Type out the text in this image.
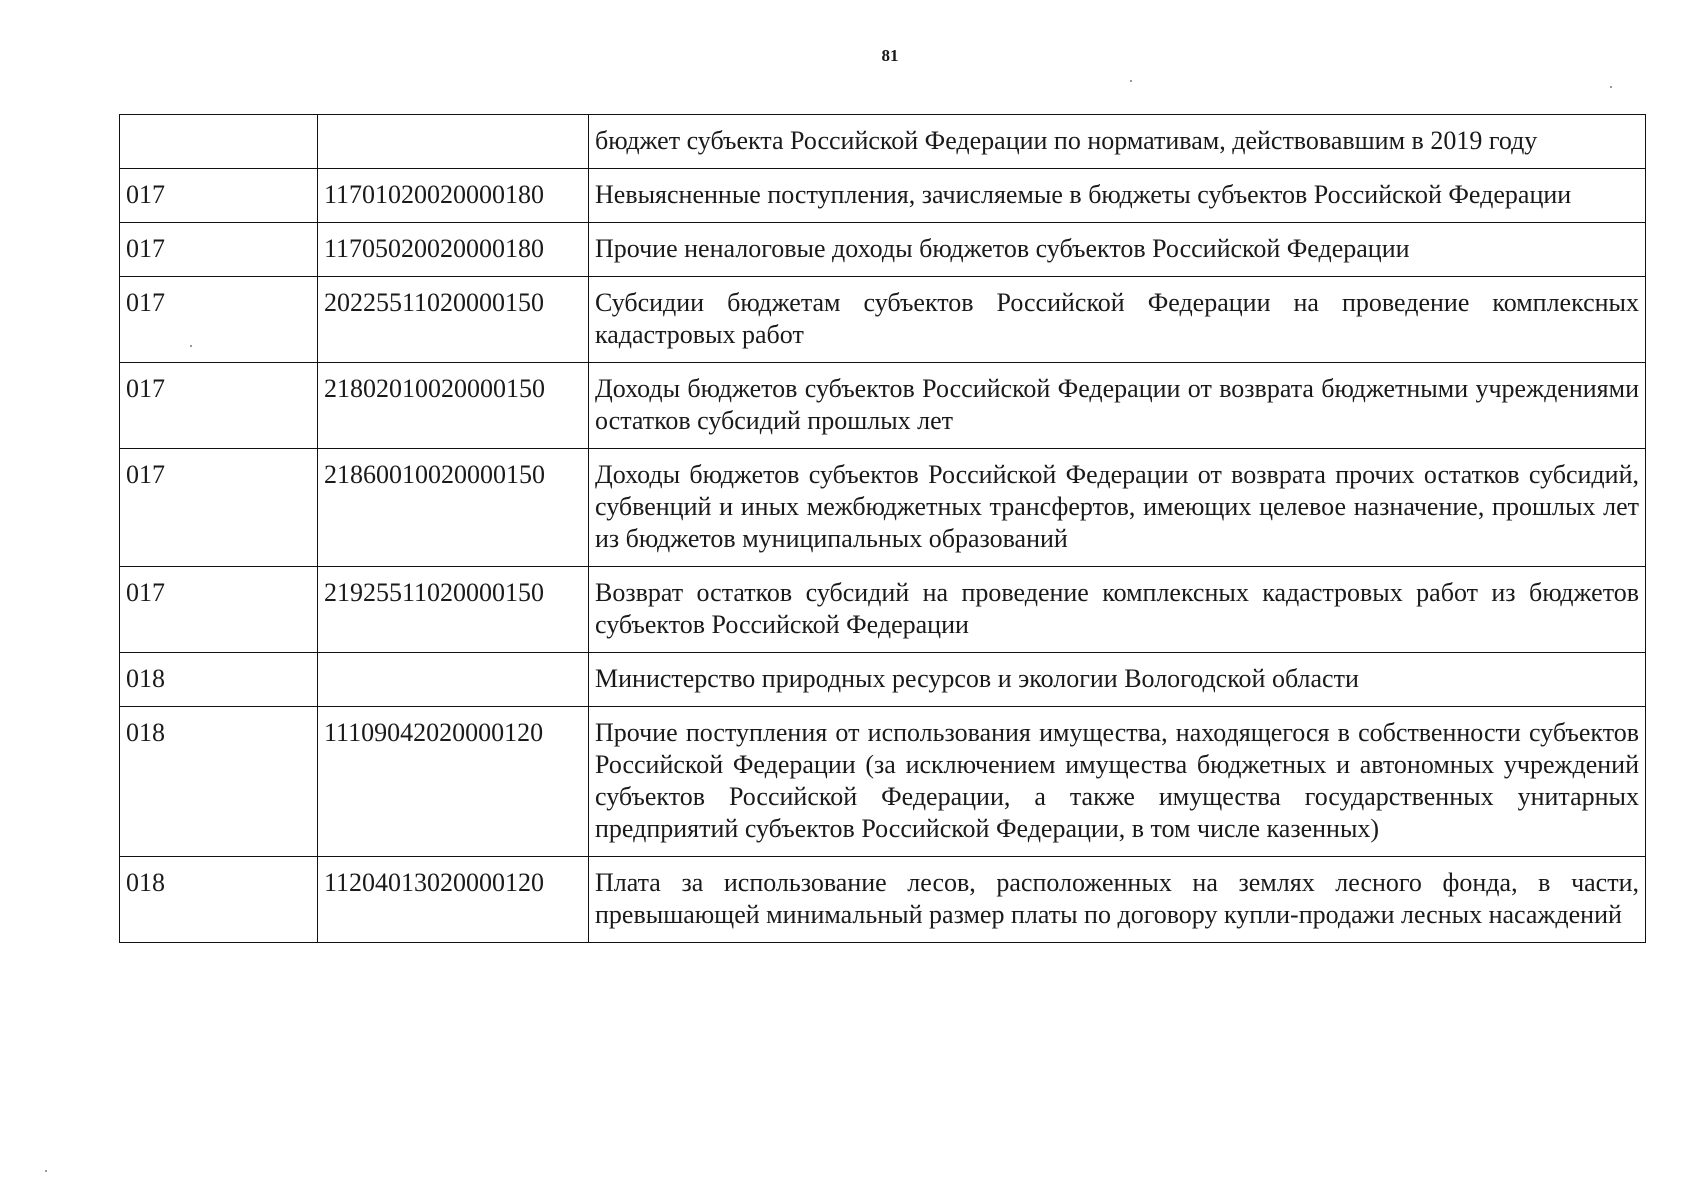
81
		бюджет субъекта Российской Федерации по нормативам, действовавшим в 2019 году
017	11701020020000180	Невыясненные поступления, зачисляемые в бюджеты субъектов Российской Федерации
017	11705020020000180	Прочие неналоговые доходы бюджетов субъектов Российской Федерации
017	20225511020000150	Субсидии бюджетам субъектов Российской Федерации на проведение комплексных кадастровых работ
017	21802010020000150	Доходы бюджетов субъектов Российской Федерации от возврата бюджетными учреждениями остатков субсидий прошлых лет
017	21860010020000150	Доходы бюджетов субъектов Российской Федерации от возврата прочих остатков субсидий, субвенций и иных межбюджетных трансфертов, имеющих целевое назначение, прошлых лет из бюджетов муниципальных образований
017	21925511020000150	Возврат остатков субсидий на проведение комплексных кадастровых работ из бюджетов субъектов Российской Федерации
018		Министерство природных ресурсов и экологии Вологодской области
018	11109042020000120	Прочие поступления от использования имущества, находящегося в собственности субъектов Российской Федерации (за исключением имущества бюджетных и автономных учреждений субъектов Российской Федерации, а также имущества государственных унитарных предприятий субъектов Российской Федерации, в том числе казенных)
018	11204013020000120	Плата за использование лесов, расположенных на землях лесного фонда, в части, превышающей минимальный размер платы по договору купли-продажи лесных насаждений
